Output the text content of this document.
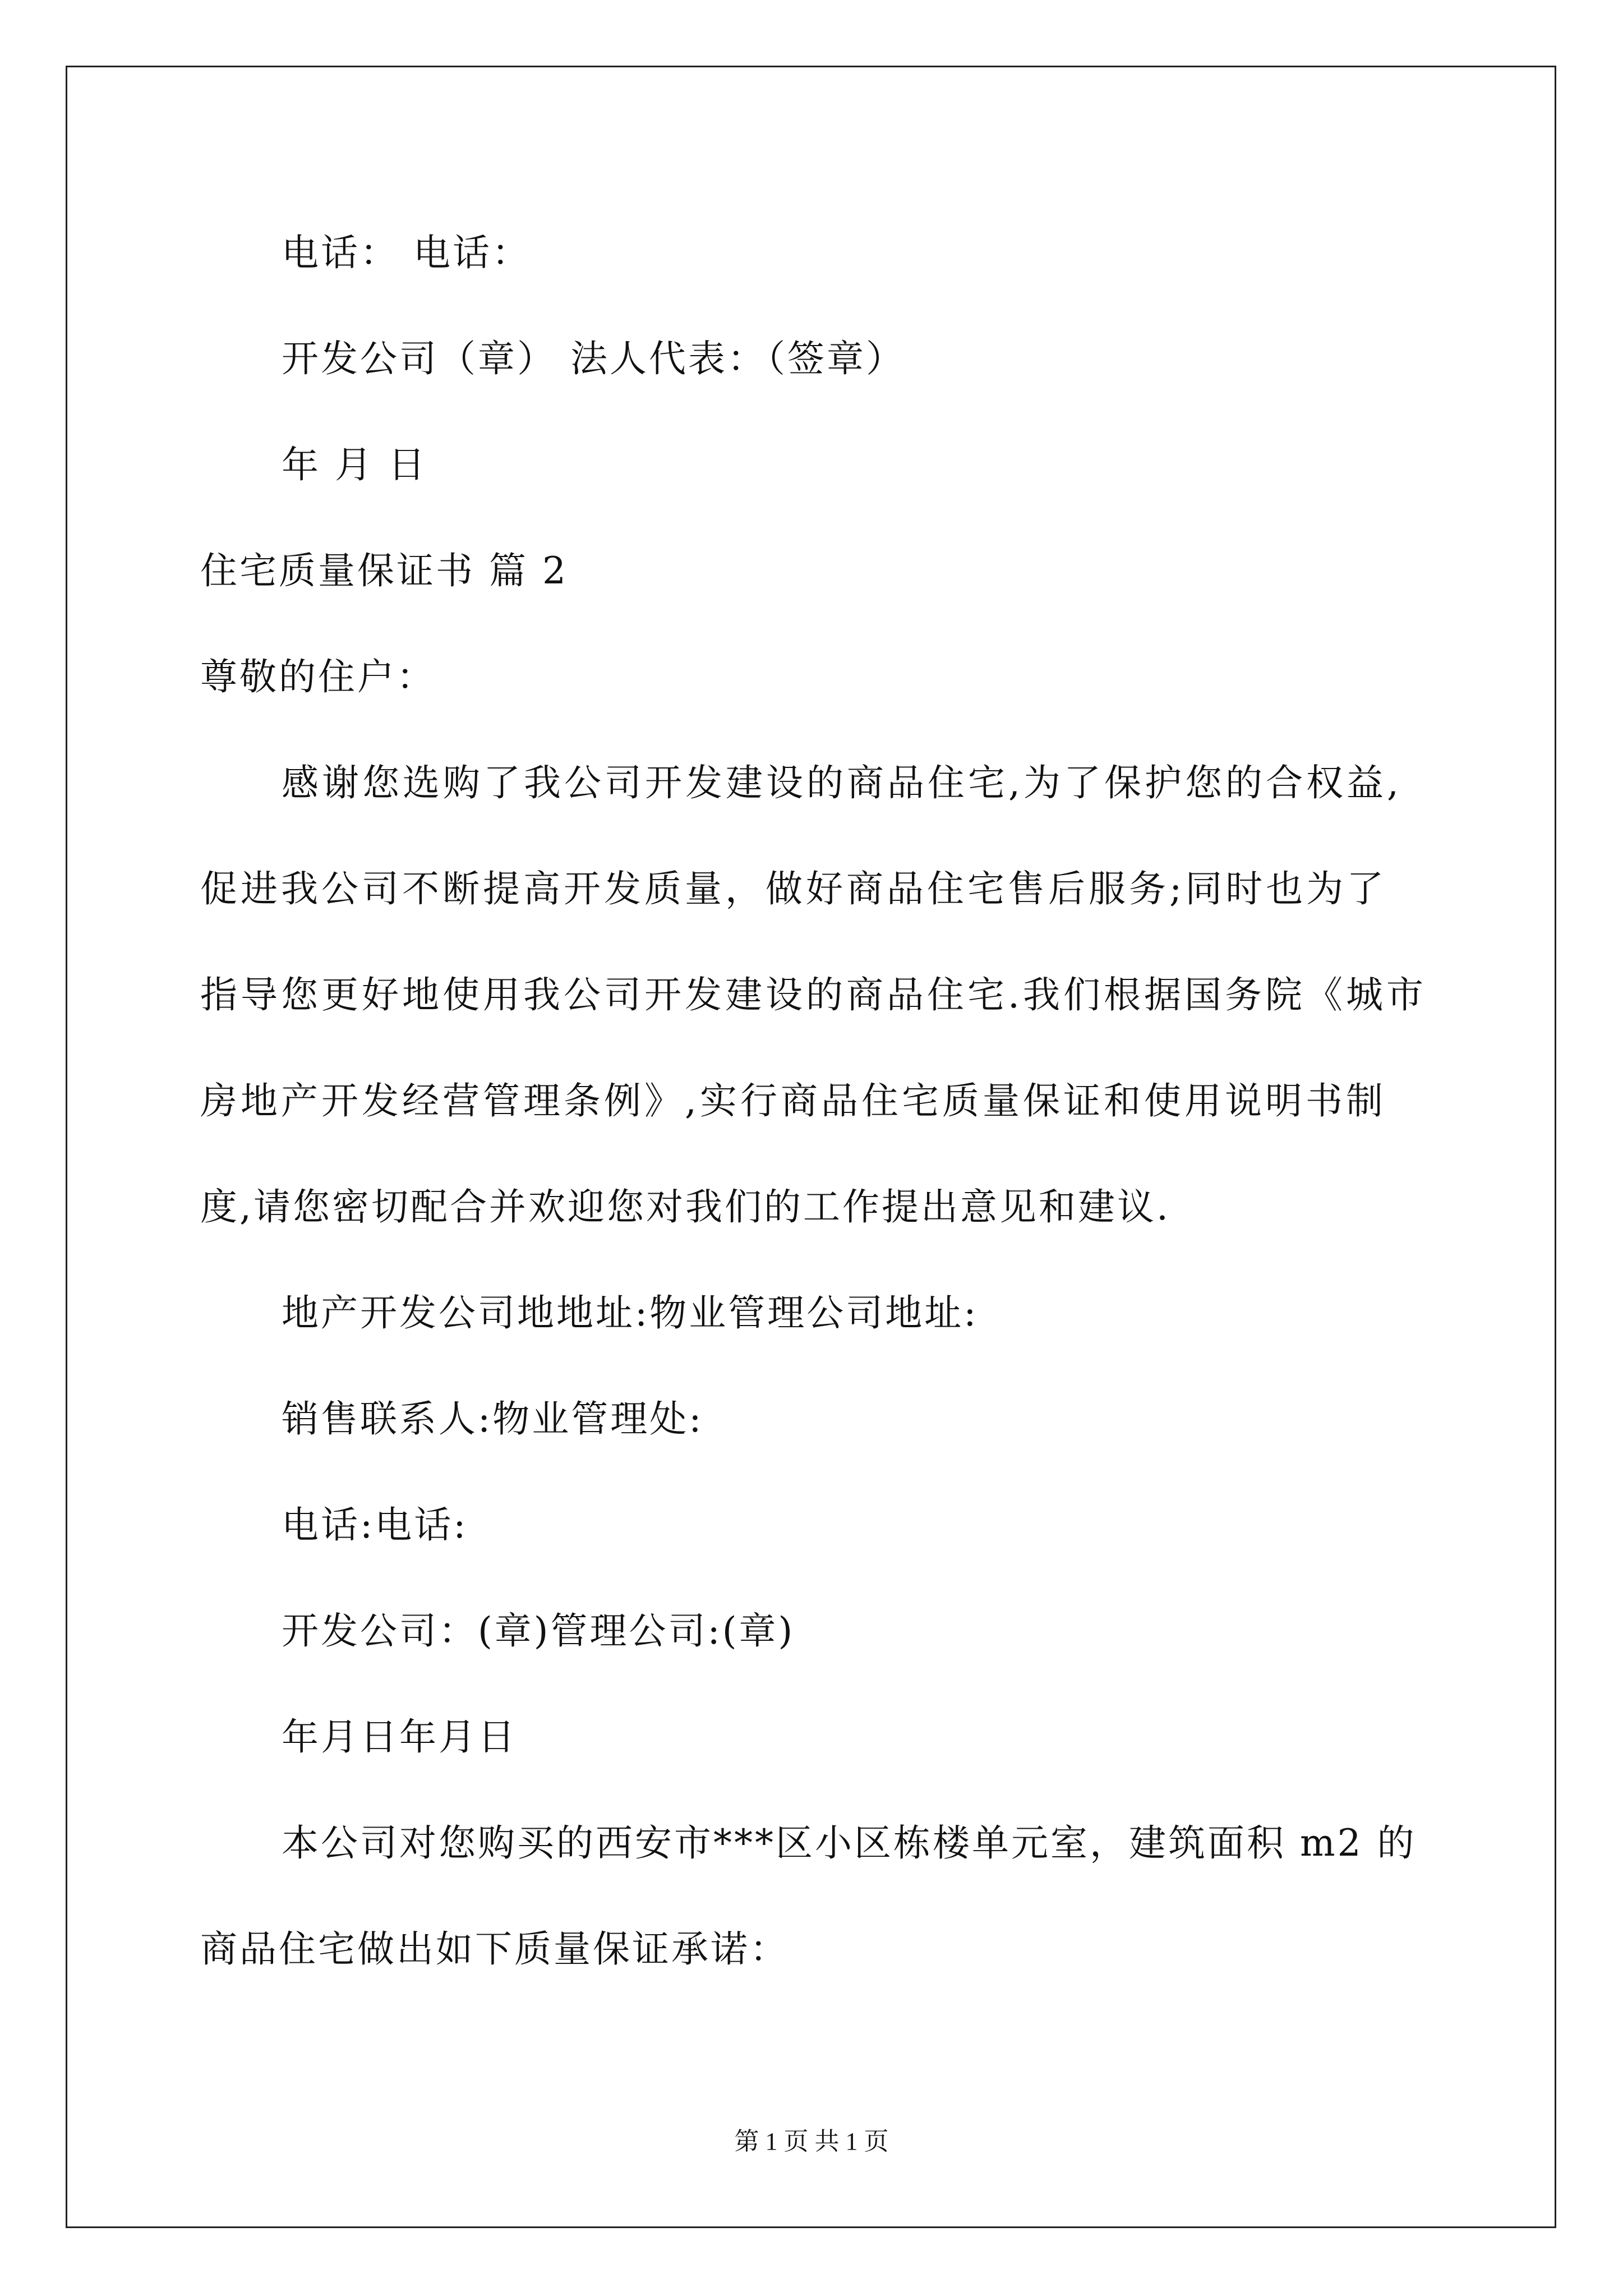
电话： 电话：
开发公司（章） 法人代表：（签章）
年 月 日
住宅质量保证书 篇 2
尊敬的住户：
感谢您选购了我公司开发建设的商品住宅,为了保护您的合权益,
促进我公司不断提高开发质量，做好商品住宅售后服务;同时也为了
指导您更好地使用我公司开发建设的商品住宅.我们根据国务院《城市
房地产开发经营管理条例》,实行商品住宅质量保证和使用说明书制
度,请您密切配合并欢迎您对我们的工作提出意见和建议.
地产开发公司地地址:物业管理公司地址:
销售联系人:物业管理处:
电话:电话:
开发公司：(章)管理公司:(章)
年月日年月日
本公司对您购买的西安市***区小区栋楼单元室，建筑面积 m2 的
商品住宅做出如下质量保证承诺：
第 1 页 共 1 页
